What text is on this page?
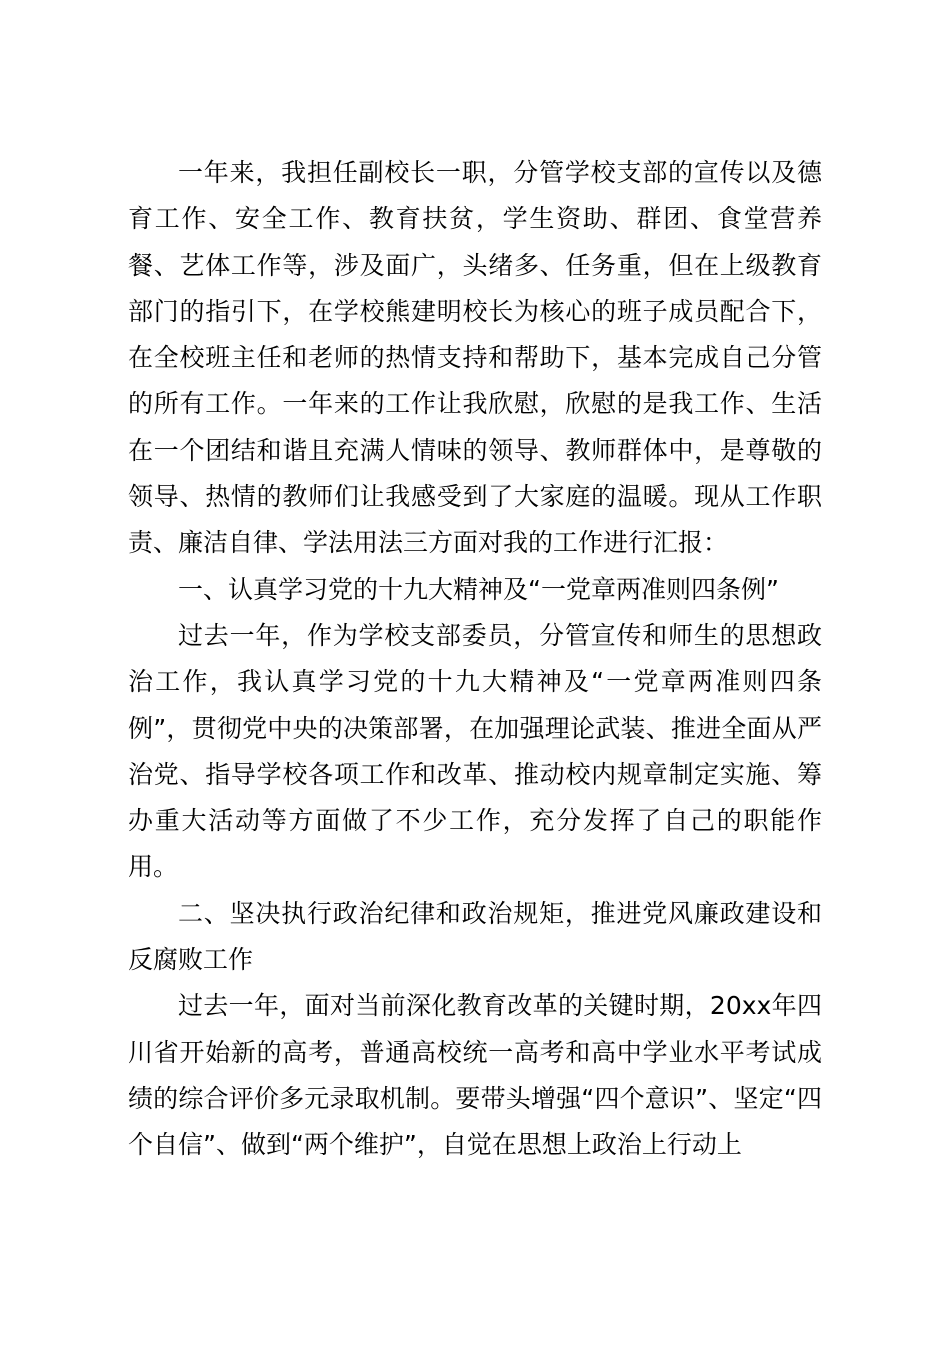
一年来，我担任副校长一职，分管学校支部的宣传以及德育工作、安全工作、教育扶贫，学生资助、群团、食堂营养餐、艺体工作等，涉及面广，头绪多、任务重，但在上级教育部门的指引下，在学校熊建明校长为核心的班子成员配合下，在全校班主任和老师的热情支持和帮助下，基本完成自己分管的所有工作。一年来的工作让我欣慰，欣慰的是我工作、生活在一个团结和谐且充满人情味的领导、教师群体中，是尊敬的领导、热情的教师们让我感受到了大家庭的温暖。现从工作职责、廉洁自律、学法用法三方面对我的工作进行汇报：

一、认真学习党的十九大精神及“一党章两准则四条例”

过去一年，作为学校支部委员，分管宣传和师生的思想政治工作，我认真学习党的十九大精神及“一党章两准则四条例”，贯彻党中央的决策部署，在加强理论武装、推进全面从严治党、指导学校各项工作和改革、推动校内规章制定实施、筹办重大活动等方面做了不少工作，充分发挥了自己的职能作用。

二、坚决执行政治纪律和政治规矩，推进党风廉政建设和反腐败工作

过去一年，面对当前深化教育改革的关键时期，20xx年四川省开始新的高考，普通高校统一高考和高中学业水平考试成绩的综合评价多元录取机制。要带头增强“四个意识”、坚定“四个自信”、做到“两个维护”，自觉在思想上政治上行动上
